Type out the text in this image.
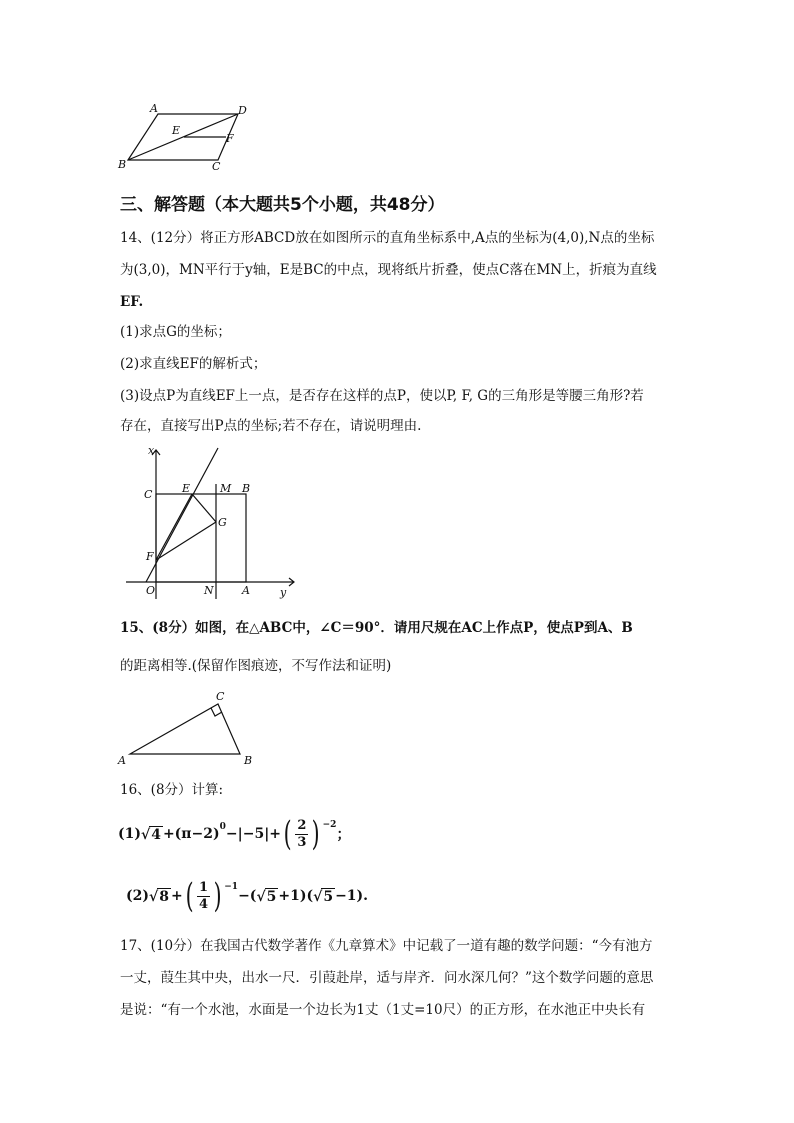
A	D
E
F
B	C
三、解答题（本大题共5个小题，共48分）
14、(12分）将正方形ABCD放在如图所示的直角坐标系中,A点的坐标为(4,0),N点的坐标
为(3,0)，MN平行于y轴，E是BC的中点，现将纸片折叠，使点C落在MN上，折痕为直线
EF.
(1)求点G的坐标；
(2)求直线EF的解析式；
(3)设点P为直线EF上一点，是否存在这样的点P，使以P, F, G的三角形是等腰三角形?若
存在，直接写出P点的坐标;若不存在，请说明理由.
x
C	E	M B
G
F
O	N	A	y
15、(8分）如图，在△ABC中，∠C＝90°．请用尺规在AC上作点P，使点P到A、B
的距离相等.(保留作图痕迹，不写作法和证明)
C
A	B
16、(8分）计算:
(1) √ $4 +(\pi-2)^0 -|-5|+$ ( $\frac{2}{3}$ ) $^{-2}$
；
(2) √ 8 + ( $\frac{1}{4}$ ) $^{-1}$
−( √ 5 +1)( √ 5 −1).
17、(10分）在我国古代数学著作《九章算术》中记载了一道有趣的数学问题：“今有池方
一丈，葭生其中央，出水一尺．引葭赴岸，适与岸齐．问水深几何？”这个数学问题的意思
是说：“有一个水池，水面是一个边长为1丈（1丈=10尺）的正方形，在水池正中央长有
